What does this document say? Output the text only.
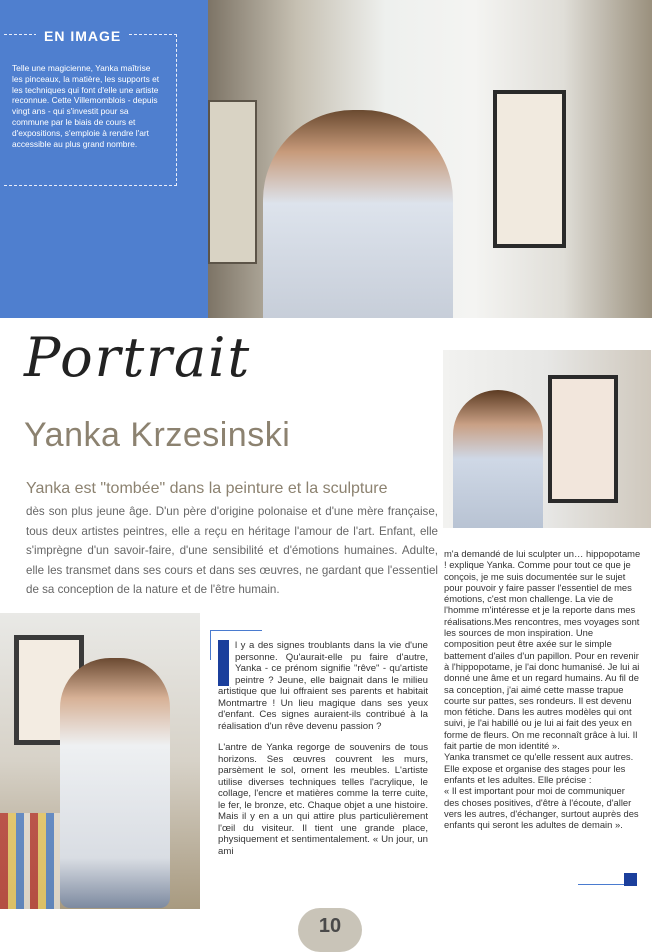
EN IMAGE
Telle une magicienne, Yanka maîtrise les pinceaux, la matière, les supports et les techniques qui font d'elle une artiste reconnue. Cette Villemomblois - depuis vingt ans - qui s'investit pour sa commune par le biais de cours et d'expositions, s'emploie à rendre l'art accessible au plus grand nombre.
Portrait
Yanka Krzesinski
Yanka est "tombée" dans la peinture et la sculpture
dès son plus jeune âge. D'un père d'origine polonaise et d'une mère française, tous deux artistes peintres, elle a reçu en héritage l'amour de l'art. Enfant, elle s'imprègne d'un savoir-faire, d'une sensibilité et d'émotions humaines. Adulte, elle les transmet dans ses cours et dans ses œuvres, ne gardant que l'essentiel de sa conception de la nature et de l'être humain.

l y a des signes troublants dans la vie d'une personne. Qu'aurait-elle pu faire d'autre, Yanka - ce prénom signifie "rêve" - qu'artiste peintre ? Jeune, elle baignait dans le milieu artistique que lui offraient ses parents et habitait Montmartre ! Un lieu magique dans ses yeux d'enfant. Ces signes auraient-ils contribué à la réalisation d'un rêve devenu passion ?

L'antre de Yanka regorge de souvenirs de tous horizons. Ses œuvres couvrent les murs, parsèment le sol, ornent les meubles. L'artiste utilise diverses techniques telles l'acrylique, le collage, l'encre et matières comme la terre cuite, le fer, le bronze, etc. Chaque objet a une histoire. Mais il y en a un qui attire plus particulièrement l'œil du visiteur. Il tient une grande place, physiquement et sentimentalement. « Un jour, un ami

m'a demandé de lui sculpter un… hippopotame ! explique Yanka. Comme pour tout ce que je conçois, je me suis documentée sur le sujet pour pouvoir y faire passer l'essentiel de mes émotions, c'est mon challenge. La vie de l'homme m'intéresse et je la reporte dans mes réalisations.Mes rencontres, mes voyages sont les sources de mon inspiration. Une composition peut être axée sur le simple battement d'ailes d'un papillon. Pour en revenir à l'hippopotame, je l'ai donc humanisé. Je lui ai donné une âme et un regard humains. Au fil de sa conception, j'ai aimé cette masse trapue courte sur pattes, ses rondeurs. Il est devenu mon fétiche. Dans les autres modèles qui ont suivi, je l'ai habillé ou je lui ai fait des yeux en forme de fleurs. On me reconnaît grâce à lui. Il fait partie de mon identité ».

Yanka transmet ce qu'elle ressent aux autres. Elle expose et organise des stages pour les enfants et les adultes. Elle précise :

« Il est important pour moi de communiquer des choses positives, d'être à l'écoute, d'aller vers les autres, d'échanger, surtout auprès des enfants qui seront les adultes de demain ».

10
